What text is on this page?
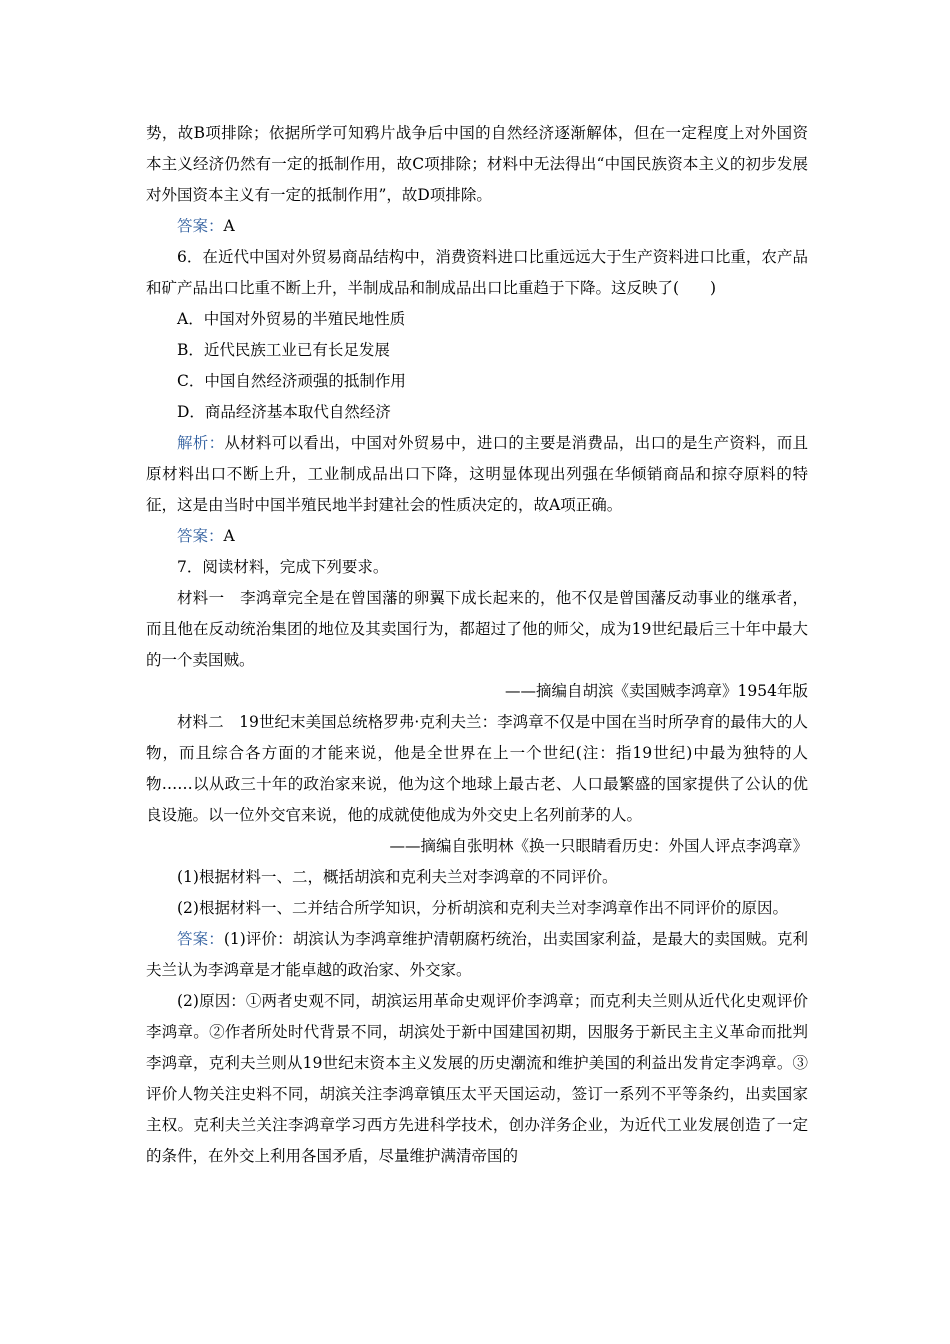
势，故B项排除；依据所学可知鸦片战争后中国的自然经济逐渐解体，但在一定程度上对外国资本主义经济仍然有一定的抵制作用，故C项排除；材料中无法得出“中国民族资本主义的初步发展对外国资本主义有一定的抵制作用”，故D项排除。

答案：A

6．在近代中国对外贸易商品结构中，消费资料进口比重远远大于生产资料进口比重，农产品和矿产品出口比重不断上升，半制成品和制成品出口比重趋于下降。这反映了(　　)

A．中国对外贸易的半殖民地性质

B．近代民族工业已有长足发展

C．中国自然经济顽强的抵制作用

D．商品经济基本取代自然经济

解析：从材料可以看出，中国对外贸易中，进口的主要是消费品，出口的是生产资料，而且原材料出口不断上升，工业制成品出口下降，这明显体现出列强在华倾销商品和掠夺原料的特征，这是由当时中国半殖民地半封建社会的性质决定的，故A项正确。

答案：A

7．阅读材料，完成下列要求。

材料一　李鸿章完全是在曾国藩的卵翼下成长起来的，他不仅是曾国藩反动事业的继承者，而且他在反动统治集团的地位及其卖国行为，都超过了他的师父，成为19世纪最后三十年中最大的一个卖国贼。

——摘编自胡滨《卖国贼李鸿章》1954年版

材料二　19世纪末美国总统格罗弗·克利夫兰：李鸿章不仅是中国在当时所孕育的最伟大的人物，而且综合各方面的才能来说，他是全世界在上一个世纪(注：指19世纪)中最为独特的人物……以从政三十年的政治家来说，他为这个地球上最古老、人口最繁盛的国家提供了公认的优良设施。以一位外交官来说，他的成就使他成为外交史上名列前茅的人。

——摘编自张明林《换一只眼睛看历史：外国人评点李鸿章》

(1)根据材料一、二，概括胡滨和克利夫兰对李鸿章的不同评价。

(2)根据材料一、二并结合所学知识，分析胡滨和克利夫兰对李鸿章作出不同评价的原因。

答案：(1)评价：胡滨认为李鸿章维护清朝腐朽统治，出卖国家利益，是最大的卖国贼。克利夫兰认为李鸿章是才能卓越的政治家、外交家。

(2)原因：①两者史观不同，胡滨运用革命史观评价李鸿章；而克利夫兰则从近代化史观评价李鸿章。②作者所处时代背景不同，胡滨处于新中国建国初期，因服务于新民主主义革命而批判李鸿章，克利夫兰则从19世纪末资本主义发展的历史潮流和维护美国的利益出发肯定李鸿章。③评价人物关注史料不同，胡滨关注李鸿章镇压太平天国运动，签订一系列不平等条约，出卖国家主权。克利夫兰关注李鸿章学习西方先进科学技术，创办洋务企业，为近代工业发展创造了一定的条件，在外交上利用各国矛盾，尽量维护满清帝国的
